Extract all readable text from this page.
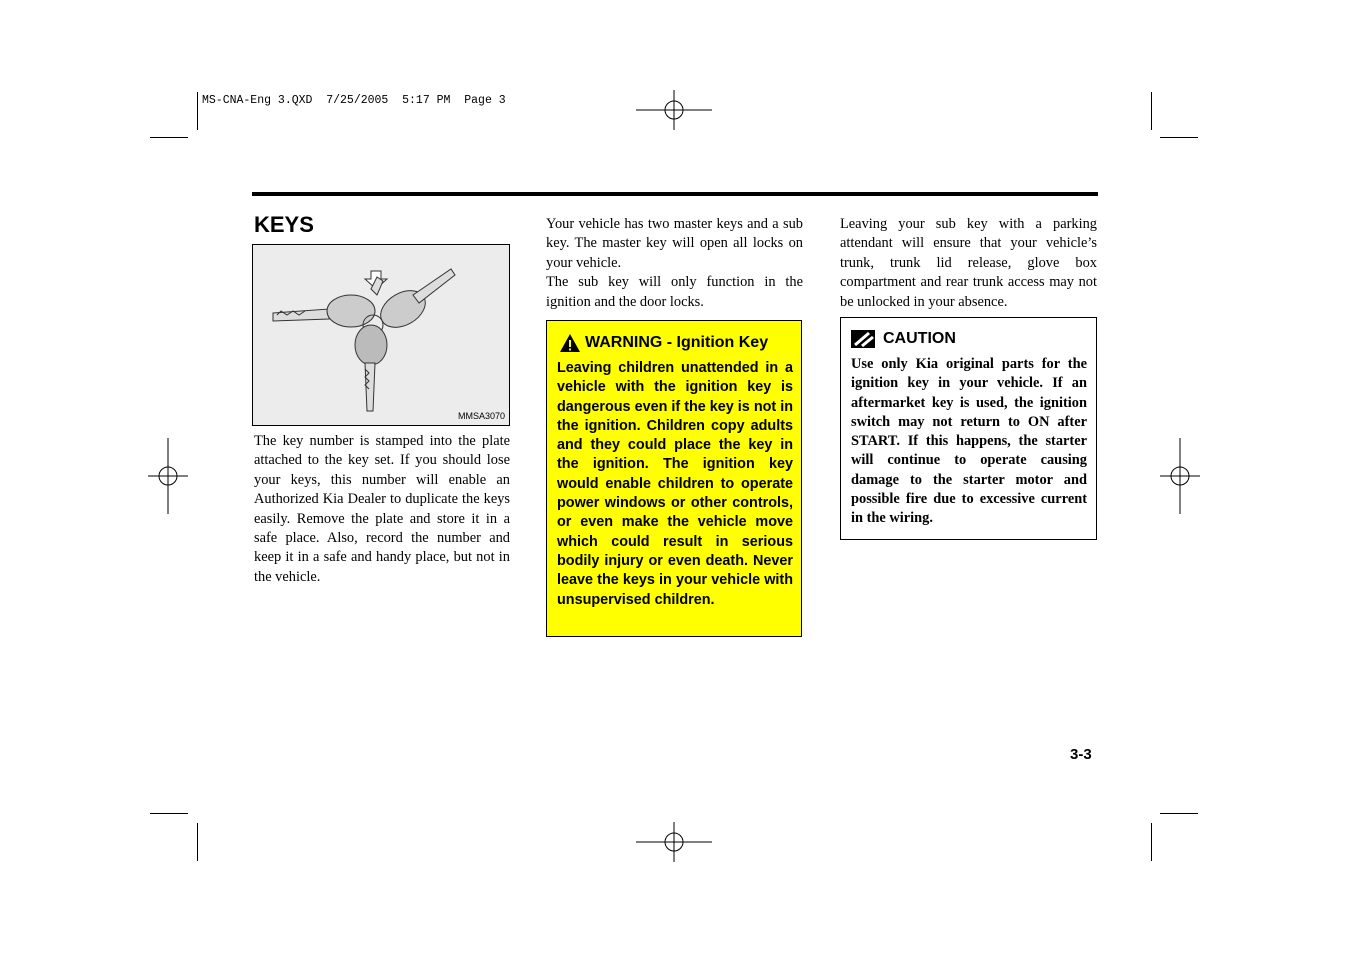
MS-CNA-Eng 3.QXD  7/25/2005  5:17 PM  Page 3
KEYS
MMSA3070
The key number is stamped into the plate attached to the key set. If you should lose your keys, this number will enable an Authorized Kia Dealer to duplicate the keys easily. Remove the plate and store it in a safe place. Also, record the number and keep it in a safe and handy place, but not in the vehicle.

Your vehicle has two master keys and a sub key. The master key will open all locks on your vehicle.

The sub key will only function in the ignition and the door locks.

WARNING - Ignition Key
Leaving children unattended in a vehicle with the ignition key is dangerous even if the key is not in the ignition. Children copy adults and they could place the key in the ignition. The ignition key would enable children to operate power windows or other controls, or even make the vehicle move which could result in serious bodily injury or even death. Never leave the keys in your vehicle with unsupervised children.
Leaving your sub key with a parking attendant will ensure that your vehicle’s trunk, trunk lid release, glove box compartment and rear trunk access may not be unlocked in your absence.
CAUTION
Use only Kia original parts for the ignition key in your vehicle. If an aftermarket key is used, the ignition switch may not return to ON after START. If this happens, the starter will continue to operate causing damage to the starter motor and possible fire due to excessive current in the wiring.
3-3
